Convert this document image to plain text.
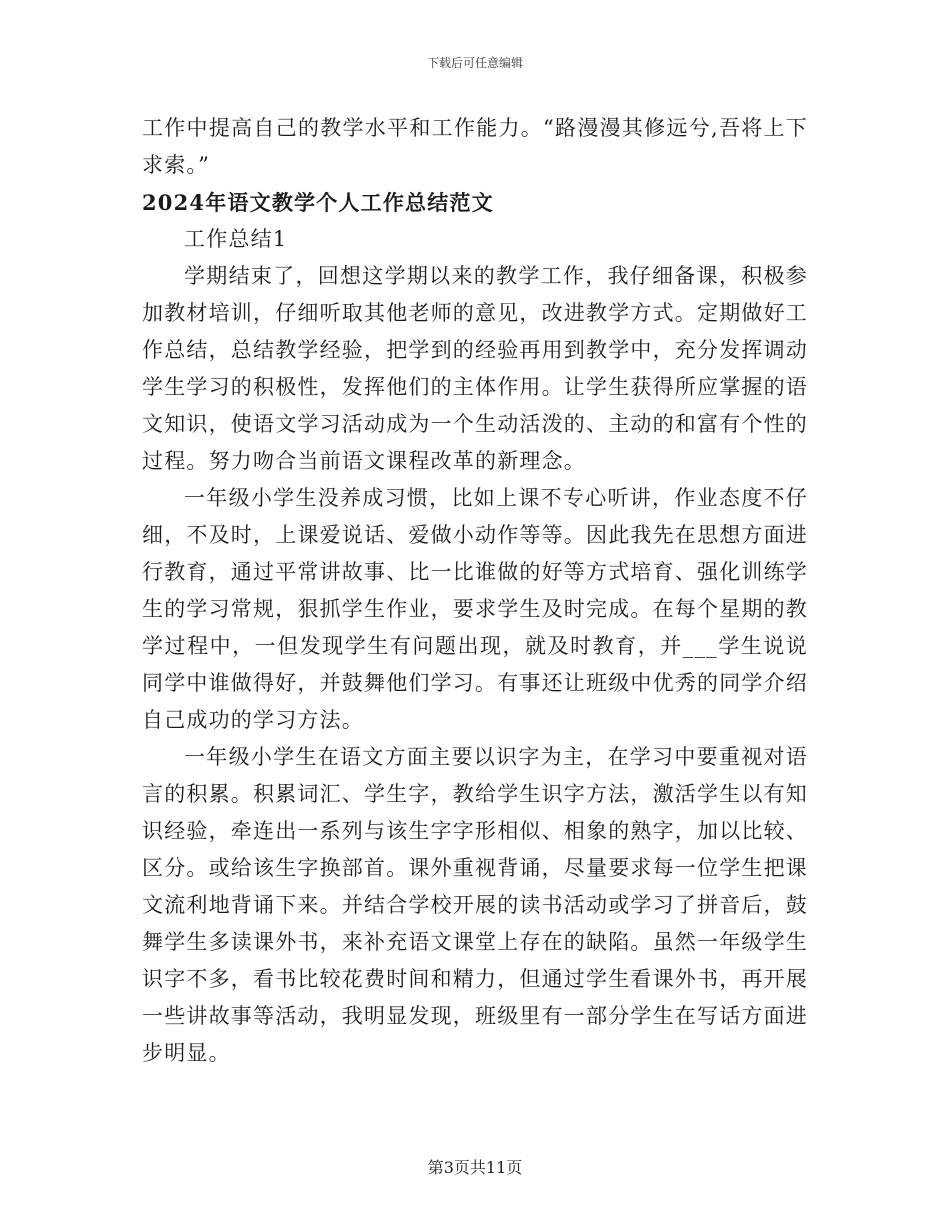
下载后可任意编辑

工作中提高自己的教学水平和工作能力。“路漫漫其修远兮,吾将上下求索。”

2024年语文教学个人工作总结范文

工作总结1

学期结束了，回想这学期以来的教学工作，我仔细备课，积极参加教材培训，仔细听取其他老师的意见，改进教学方式。定期做好工作总结，总结教学经验，把学到的经验再用到教学中，充分发挥调动学生学习的积极性，发挥他们的主体作用。让学生获得所应掌握的语文知识，使语文学习活动成为一个生动活泼的、主动的和富有个性的过程。努力吻合当前语文课程改革的新理念。

一年级小学生没养成习惯，比如上课不专心听讲，作业态度不仔细，不及时，上课爱说话、爱做小动作等等。因此我先在思想方面进行教育，通过平常讲故事、比一比谁做的好等方式培育、强化训练学生的学习常规，狠抓学生作业，要求学生及时完成。在每个星期的教学过程中，一但发现学生有问题出现，就及时教育，并___学生说说同学中谁做得好，并鼓舞他们学习。有事还让班级中优秀的同学介绍自己成功的学习方法。

一年级小学生在语文方面主要以识字为主，在学习中要重视对语言的积累。积累词汇、学生字，教给学生识字方法，激活学生以有知识经验，牵连出一系列与该生字字形相似、相象的熟字，加以比较、区分。或给该生字换部首。课外重视背诵，尽量要求每一位学生把课文流利地背诵下来。并结合学校开展的读书活动或学习了拼音后，鼓舞学生多读课外书，来补充语文课堂上存在的缺陷。虽然一年级学生识字不多，看书比较花费时间和精力，但通过学生看课外书，再开展一些讲故事等活动，我明显发现，班级里有一部分学生在写话方面进步明显。

第3页共11页
